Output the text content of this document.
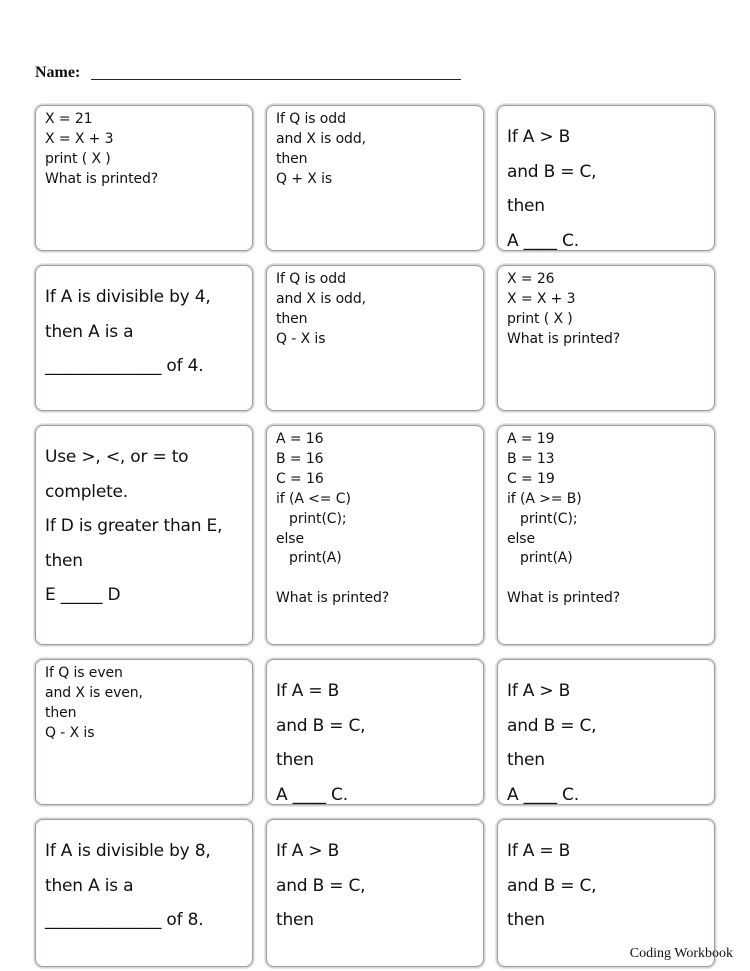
Name:
X = 21
X = X + 3
print ( X )
What is printed?
If Q is odd
and X is odd,
then
Q + X is
If A > B
and B = C,
then
A ____ C.
If A is divisible by 4,
then A is a
______________ of 4.
If Q is odd
and X is odd,
then
Q - X is
X = 26
X = X + 3
print ( X )
What is printed?
Use >, <, or = to
complete.
If D is greater than E,
then
E _____ D
A = 16
B = 16
C = 16
if (A <= C)
print(C);
else
print(A)

What is printed?
A = 19
B = 13
C = 19
if (A >= B)
print(C);
else
print(A)

What is printed?
If Q is even
and X is even,
then
Q - X is
If A = B
and B = C,
then
A ____ C.
If A > B
and B = C,
then
A ____ C.
If A is divisible by 8,
then A is a
______________ of 8.
If A > B
and B = C,
then
If A = B
and B = C,
then
Coding Workbook
